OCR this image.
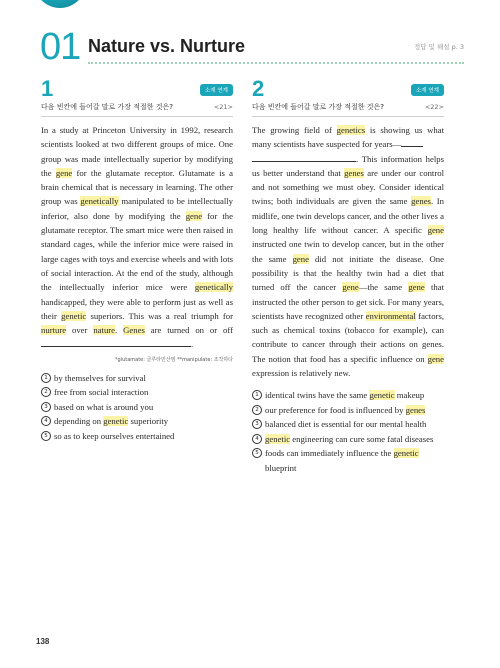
01 Nature vs. Nurture	정답 및 해설 p. 3
1	소재 연계
다음 빈칸에 들어갈 말로 가장 적절한 것은?	<21>
In a study at Princeton University in 1992, research scientists looked at two different groups of mice. One group was made intellectually superior by modifying the gene for the glutamate receptor. Glutamate is a brain chemical that is necessary in learning. The other group was genetically manipulated to be intellectually inferior, also done by modifying the gene for the glutamate receptor. The smart mice were then raised in standard cages, while the inferior mice were raised in large cages with toys and exercise wheels and with lots of social interaction. At the end of the study, although the intellectually inferior mice were genetically handicapped, they were able to perform just as well as their genetic superiors. This was a real triumph for nurture over nature. Genes are turned on or off .
*glutamate: 글루타민산염 **manipulate: 조작하다
1 by themselves for survival
2 free from social interaction
3 based on what is around you
4 depending on genetic superiority
5 so as to keep ourselves entertained
2	소재 연계
다음 빈칸에 들어갈 말로 가장 적절한 것은?	<22>
The growing field of genetics is showing us what many scientists have suspected for years—
. This information helps us better understand that genes are under our control and not something we must obey. Consider identical twins; both individuals are given the same genes. In midlife, one twin develops cancer, and the other lives a long healthy life without cancer. A specific gene instructed one twin to develop cancer, but in the other the same gene did not initiate the disease. One possibility is that the healthy twin had a diet that turned off the cancer gene—the same gene that instructed the other person to get sick. For many years, scientists have recognized other environmental factors, such as chemical toxins (tobacco for example), can contribute to cancer through their actions on genes. The notion that food has a specific influence on gene expression is relatively new.
1 identical twins have the same genetic makeup
2 our preference for food is influenced by genes
3 balanced diet is essential for our mental health
4 genetic engineering can cure some fatal diseases
5 foods can immediately influence the genetic blueprint
138
